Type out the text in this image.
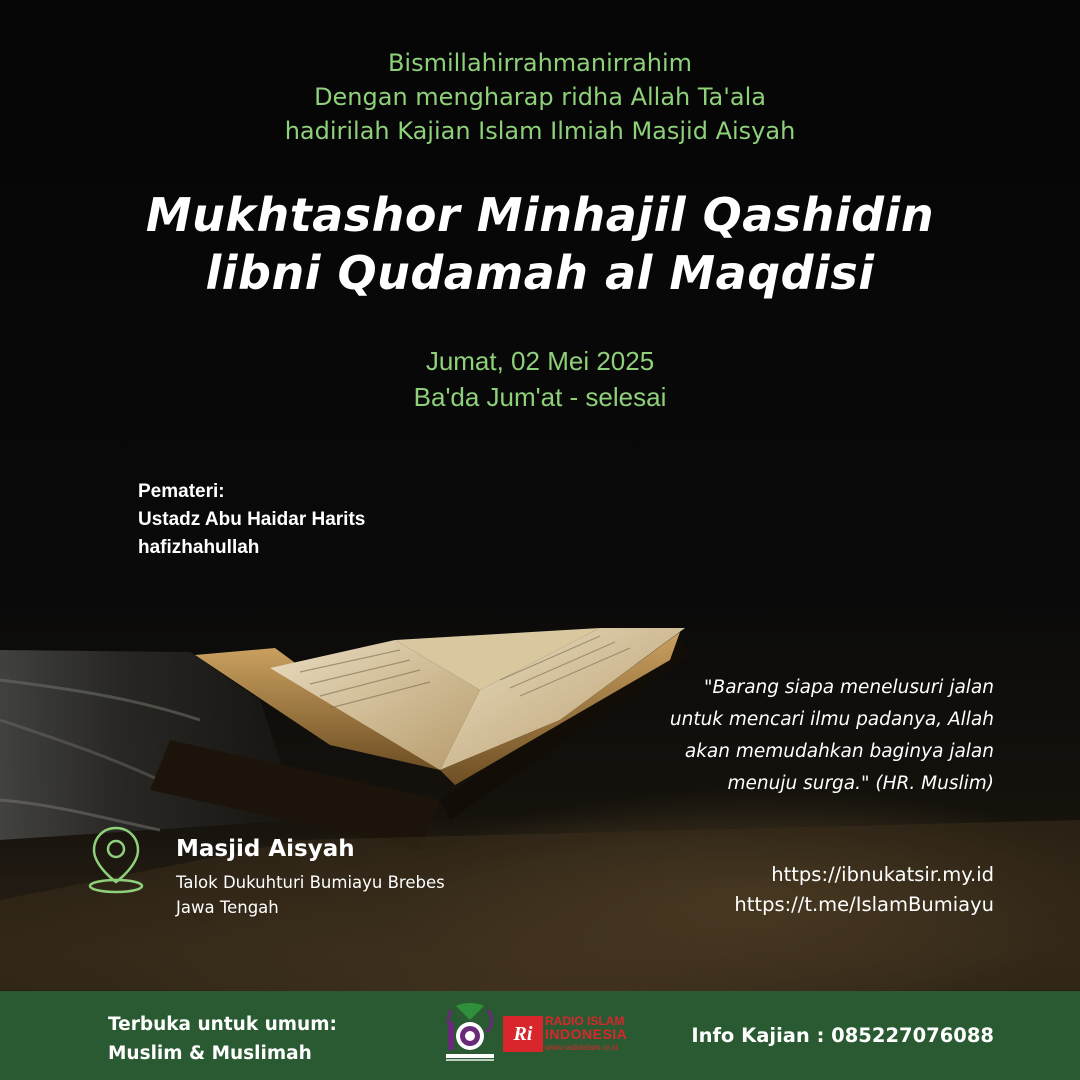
Bismillahirrahmanirrahim
Dengan mengharap ridha Allah Ta'ala
hadirilah Kajian Islam Ilmiah Masjid Aisyah
Mukhtashor Minhajil Qashidin
libni Qudamah al Maqdisi
Jumat, 02 Mei 2025
Ba'da Jum'at - selesai
Pemateri:
Ustadz Abu Haidar Harits
hafizhahullah
"Barang siapa menelusuri jalan
untuk mencari ilmu padanya, Allah
akan memudahkan baginya jalan
menuju surga." (HR. Muslim)
Masjid Aisyah
Talok Dukuhturi Bumiayu Brebes
Jawa Tengah
https://ibnukatsir.my.id
https://t.me/IslamBumiayu
Terbuka untuk umum:
Muslim & Muslimah
Ri
RADIO ISLAM
INDONESIA
www.radioislam.or.id
Info Kajian : 085227076088
